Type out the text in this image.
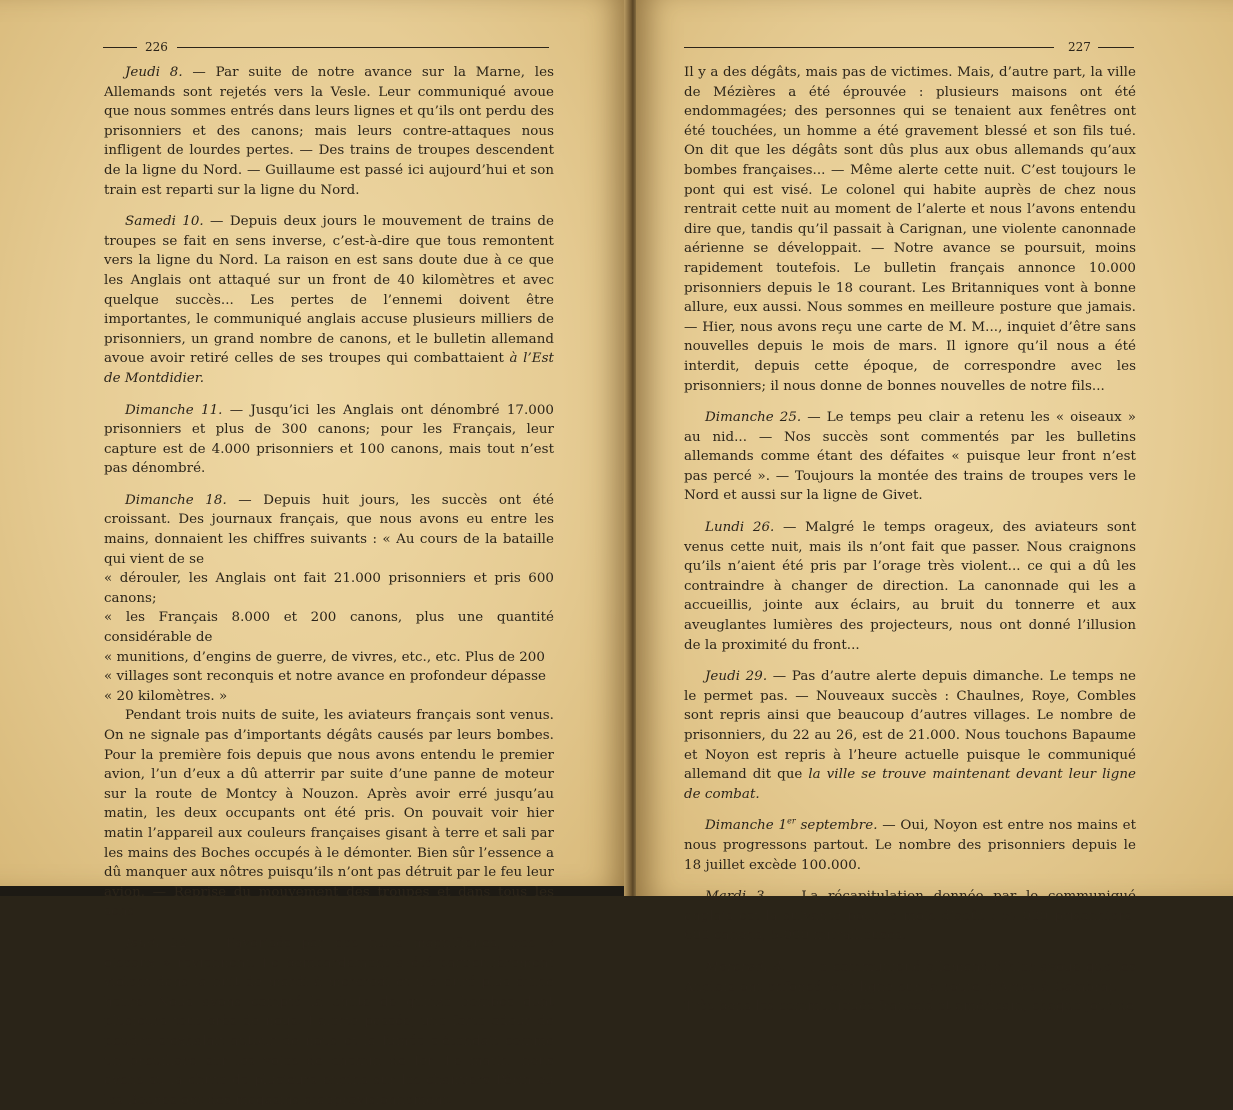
226

Jeudi 8. — Par suite de notre avance sur la Marne, les Allemands sont rejetés vers la Vesle. Leur communiqué avoue que nous sommes entrés dans leurs lignes et qu’ils ont perdu des prisonniers et des canons; mais leurs contre-attaques nous infligent de lourdes pertes. — Des trains de troupes descendent de la ligne du Nord. — Guillaume est passé ici aujourd’hui et son train est reparti sur la ligne du Nord.

Samedi 10. — Depuis deux jours le mouvement de trains de troupes se fait en sens inverse, c’est-à-dire que tous remontent vers la ligne du Nord. La raison en est sans doute due à ce que les Anglais ont attaqué sur un front de 40 kilomètres et avec quelque succès... Les pertes de l’ennemi doivent être importantes, le communiqué anglais accuse plusieurs milliers de prisonniers, un grand nombre de canons, et le bulletin allemand avoue avoir retiré celles de ses troupes qui combattaient à l’Est de Montdidier.

Dimanche 11. — Jusqu’ici les Anglais ont dénombré 17.000 prisonniers et plus de 300 canons; pour les Français, leur capture est de 4.000 prisonniers et 100 canons, mais tout n’est pas dénombré.

Dimanche 18. — Depuis huit jours, les succès ont été croissant. Des journaux français, que nous avons eu entre les mains, donnaient les chiffres suivants : « Au cours de la bataille qui vient de se

« dérouler, les Anglais ont fait 21.000 prisonniers et pris 600 canons;

« les Français 8.000 et 200 canons, plus une quantité considérable de

« munitions, d’engins de guerre, de vivres, etc., etc. Plus de 200

« villages sont reconquis et notre avance en profondeur dépasse

« 20 kilomètres. »

Pendant trois nuits de suite, les aviateurs français sont venus. On ne signale pas d’importants dégâts causés par leurs bombes. Pour la première fois depuis que nous avons entendu le premier avion, l’un d’eux a dû atterrir par suite d’une panne de moteur sur la route de Montcy à Nouzon. Après avoir erré jusqu’au matin, les deux occupants ont été pris. On pouvait voir hier matin l’appareil aux couleurs françaises gisant à terre et sali par les mains des Boches occupés à le démonter. Bien sûr l’essence a dû manquer aux nôtres puisqu’ils n’ont pas détruit par le feu leur avion. — Reprise du mouvement des troupes et dans tous les sens.

Jeudi 22. — Favorisés par des nuits magnifiques, nos « oiseaux » reviennent. Le bombardement a été particulièrement violent dans la nuit de mardi à mercredi et il a duré plus d’une heure. Nous avons compté la chute de quinze bombes dont plusieurs tout près de nous. L’alerte passée, une forte odeur de poudre s’exhalait autour de nous et la fumée s’étendait comme un brouillard sur les voies de chemin de fer. Le matin, nous avons su la chute de plusieurs engins sur les chantiers Périn où les Boches ont des magasins d’approvisionnement.

227

Il y a des dégâts, mais pas de victimes. Mais, d’autre part, la ville de Mézières a été éprouvée : plusieurs maisons ont été endommagées; des personnes qui se tenaient aux fenêtres ont été touchées, un homme a été gravement blessé et son fils tué. On dit que les dégâts sont dûs plus aux obus allemands qu’aux bombes françaises... — Même alerte cette nuit. C’est toujours le pont qui est visé. Le colonel qui habite auprès de chez nous rentrait cette nuit au moment de l’alerte et nous l’avons entendu dire que, tandis qu’il passait à Carignan, une violente canonnade aérienne se développait. — Notre avance se poursuit, moins rapidement toutefois. Le bulletin français annonce 10.000 prisonniers depuis le 18 courant. Les Britanniques vont à bonne allure, eux aussi. Nous sommes en meilleure posture que jamais. — Hier, nous avons reçu une carte de M. M..., inquiet d’être sans nouvelles depuis le mois de mars. Il ignore qu’il nous a été interdit, depuis cette époque, de correspondre avec les prisonniers; il nous donne de bonnes nouvelles de notre fils...

Dimanche 25. — Le temps peu clair a retenu les « oiseaux » au nid... — Nos succès sont commentés par les bulletins allemands comme étant des défaites « puisque leur front n’est pas percé ». — Toujours la montée des trains de troupes vers le Nord et aussi sur la ligne de Givet.

Lundi 26. — Malgré le temps orageux, des aviateurs sont venus cette nuit, mais ils n’ont fait que passer. Nous craignons qu’ils n’aient été pris par l’orage très violent... ce qui a dû les contraindre à changer de direction. La canonnade qui les a accueillis, jointe aux éclairs, au bruit du tonnerre et aux aveuglantes lumières des projecteurs, nous ont donné l’illusion de la proximité du front...

Jeudi 29. — Pas d’autre alerte depuis dimanche. Le temps ne le permet pas. — Nouveaux succès : Chaulnes, Roye, Combles sont repris ainsi que beaucoup d’autres villages. Le nombre de prisonniers, du 22 au 26, est de 21.000. Nous touchons Bapaume et Noyon est repris à l’heure actuelle puisque le communiqué allemand dit que la ville se trouve maintenant devant leur ligne de combat.

Dimanche 1er septembre. — Oui, Noyon est entre nos mains et nous progressons partout. Le nombre des prisonniers depuis le 18 juillet excède 100.000.

Mardi 3. — La récapitulation donnée par le communiqué anglais est la suivante pour le mois d’août : 57.000 prisonniers, 600 canons, 5.000 mitrailleuses.

Mercredi 4. — Le communiqué allemand d’hier avoue que les Anglais ont enfoncé leur ligne sur la route d’Arras à Cambrai. — Très bons les communiqués français et américain, chaque jour de
